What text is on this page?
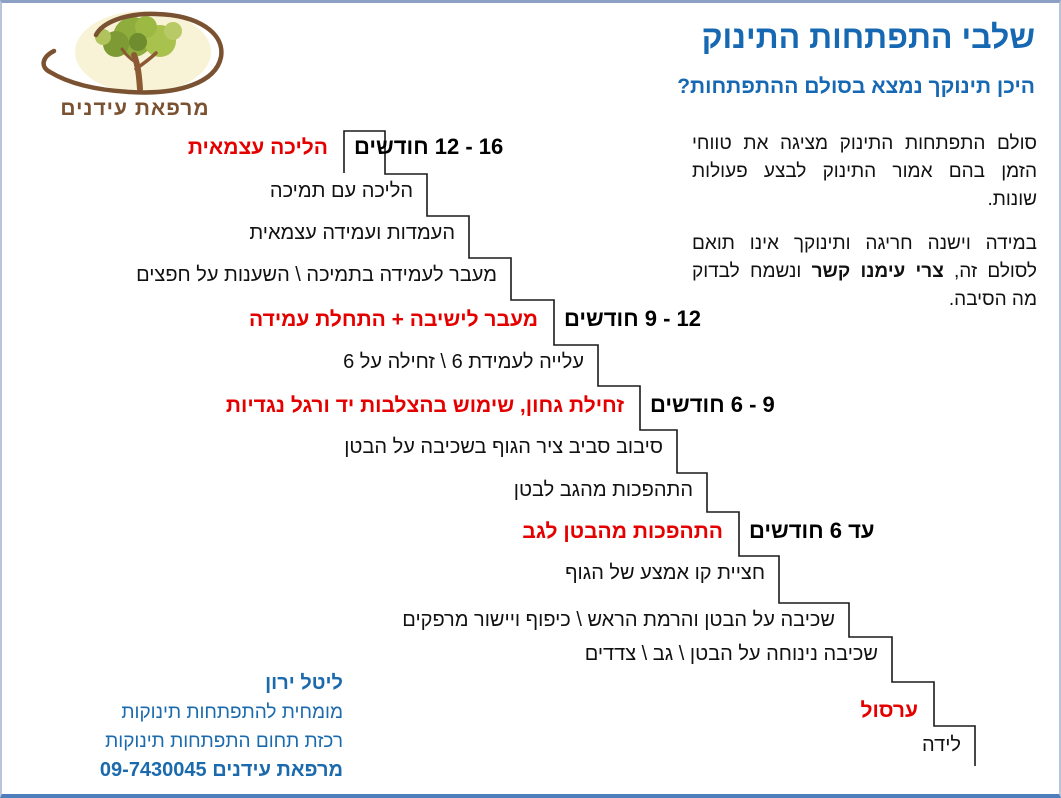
מרפאת עידנים
שלבי התפתחות התינוק
היכן תינוקך נמצא בסולם ההתפתחות?

סולם התפתחות התינוק מציגה את טווחי הזמן בהם אמור התינוק לבצע פעולות שונות.

במידה וישנה חריגה ותינוקך אינו תואם לסולם זה, צרי עימנו קשר ונשמח לבדוק מה הסיבה.

12 - 16 חודשים
הליכה עצמאית
הליכה עם תמיכה
העמדות ועמידה עצמאית
מעבר לעמידה בתמיכה \ השענות על חפצים
9 - 12 חודשים
מעבר לישיבה + התחלת עמידה
עלייה לעמידת 6 \ זחילה על 6
6 - 9 חודשים
זחילת גחון, שימוש בהצלבות יד ורגל נגדיות
סיבוב סביב ציר הגוף בשכיבה על הבטן
התהפכות מהגב לבטן
עד 6 חודשים
התהפכות מהבטן לגב
חציית קו אמצע של הגוף
שכיבה על הבטן והרמת הראש \ כיפוף ויישור מרפקים
שכיבה נינוחה על הבטן \ גב \ צדדים
ערסול
לידה
ליטל ירון
מומחית להתפתחות תינוקות
רכזת תחום התפתחות תינוקות
מרפאת עידנים 09-7430045
